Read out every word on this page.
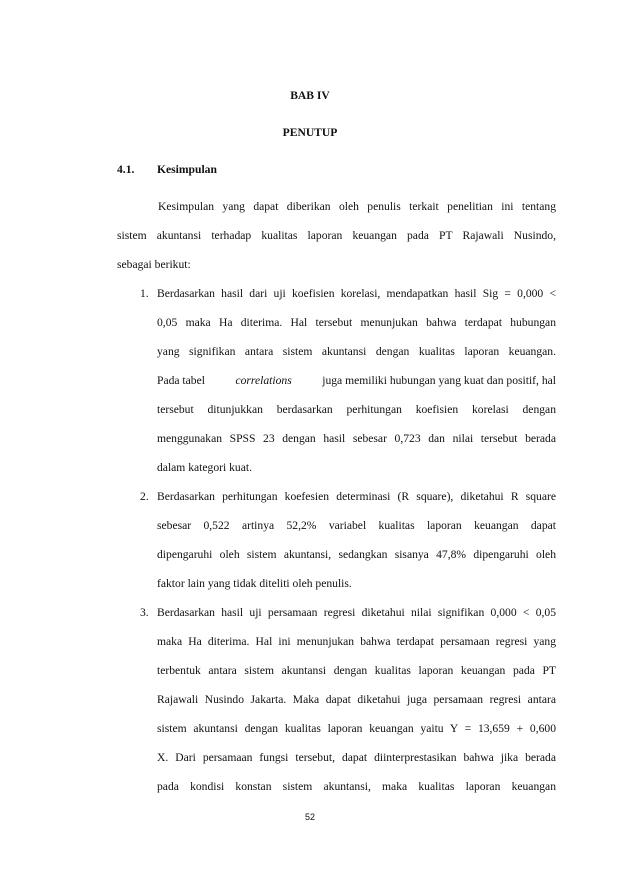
BAB IV

PENUTUP

4.1. Kesimpulan

Kesimpulan yang dapat diberikan oleh penulis terkait penelitian ini tentang

sistem akuntansi terhadap kualitas laporan keuangan pada PT Rajawali Nusindo,

sebagai berikut:

1. Berdasarkan hasil dari uji koefisien korelasi, mendapatkan hasil Sig = 0,000 <

0,05 maka Ha diterima. Hal tersebut menunjukan bahwa terdapat hubungan

yang signifikan antara sistem akuntansi dengan kualitas laporan keuangan.

Pada tabel	correlations	juga memiliki hubungan yang kuat dan positif, hal

tersebut ditunjukkan berdasarkan perhitungan koefisien korelasi dengan

menggunakan SPSS 23 dengan hasil sebesar 0,723 dan nilai tersebut berada

dalam kategori kuat.

2. Berdasarkan perhitungan koefesien determinasi (R square), diketahui R square

sebesar 0,522 artinya 52,2% variabel kualitas laporan keuangan dapat

dipengaruhi oleh sistem akuntansi, sedangkan sisanya 47,8% dipengaruhi oleh

faktor lain yang tidak diteliti oleh penulis.

3. Berdasarkan hasil uji persamaan regresi diketahui nilai signifikan 0,000 < 0,05

maka Ha diterima. Hal ini menunjukan bahwa terdapat persamaan regresi yang

terbentuk antara sistem akuntansi dengan kualitas laporan keuangan pada PT

Rajawali Nusindo Jakarta. Maka dapat diketahui juga persamaan regresi antara

sistem akuntansi dengan kualitas laporan keuangan yaitu Y = 13,659 + 0,600

X. Dari persamaan fungsi tersebut, dapat diinterprestasikan bahwa jika berada

pada kondisi konstan sistem akuntansi, maka kualitas laporan keuangan

52
